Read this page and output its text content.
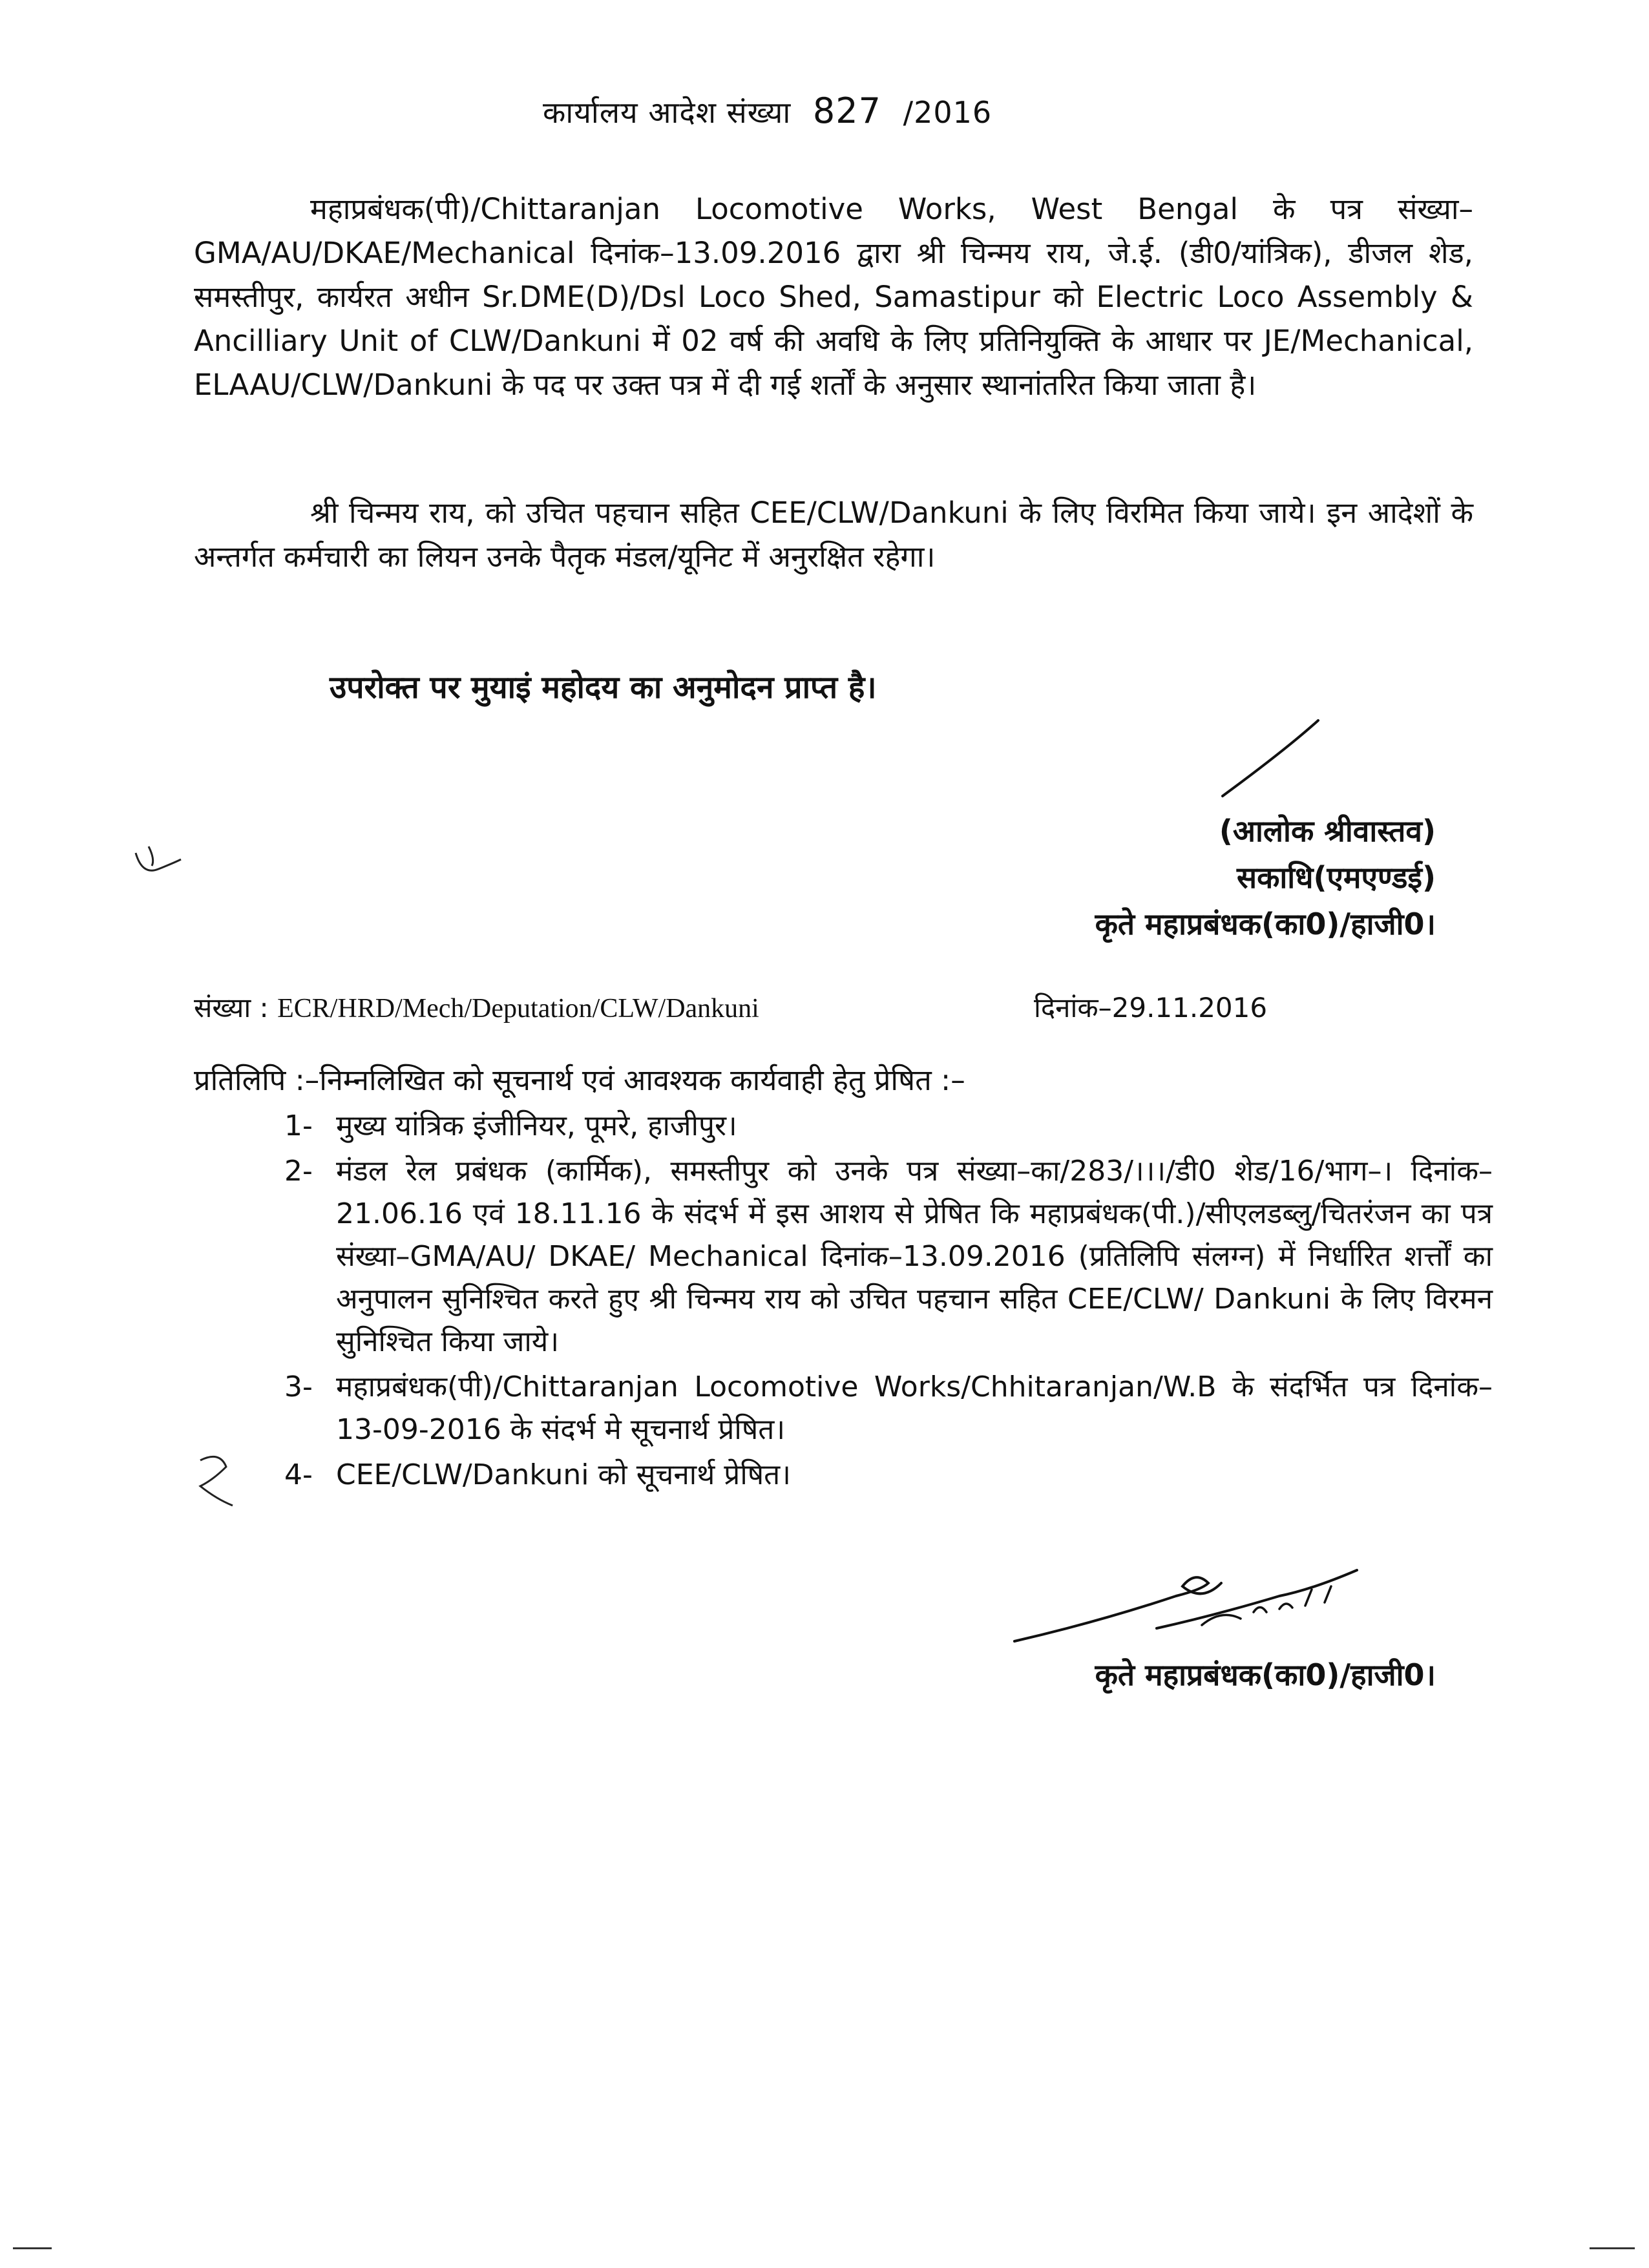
कार्यालय आदेश संख्या 827 /2016
महाप्रबंधक(पी)/Chittaranjan Locomotive Works, West Bengal के पत्र संख्या–GMA/AU/DKAE/Mechanical दिनांक–13.09.2016 द्वारा श्री चिन्मय राय, जे.ई. (डी0/यांत्रिक), डीजल शेड, समस्तीपुर, कार्यरत अधीन Sr.DME(D)/Dsl Loco Shed, Samastipur को Electric Loco Assembly & Ancilliary Unit of CLW/Dankuni में 02 वर्ष की अवधि के लिए प्रतिनियुक्ति के आधार पर JE/Mechanical, ELAAU/CLW/Dankuni के पद पर उक्त पत्र में दी गई शर्तों के अनुसार स्थानांतरित किया जाता है।
श्री चिन्मय राय, को उचित पहचान सहित CEE/CLW/Dankuni के लिए विरमित किया जाये। इन आदेशों के अन्तर्गत कर्मचारी का लियन उनके पैतृक मंडल/यूनिट में अनुरक्षित रहेगा।
उपरोक्त पर मुयाइं महोदय का अनुमोदन प्राप्त है।
(आलोक श्रीवास्तव)
सकाधि(एमएण्डई)
कृते महाप्रबंधक(का0)/हाजी0।
संख्या : ECR/HRD/Mech/Deputation/CLW/Dankuni	दिनांक–29.11.2016
प्रतिलिपि :–निम्नलिखित को सूचनार्थ एवं आवश्यक कार्यवाही हेतु प्रेषित :–
1- मुख्य यांत्रिक इंजीनियर, पूमरे, हाजीपुर।
2- मंडल रेल प्रबंधक (कार्मिक), समस्तीपुर को उनके पत्र संख्या–का/283/।।।/डी0 शेड/16/भाग–। दिनांक–21.06.16 एवं 18.11.16 के संदर्भ में इस आशय से प्रेषित कि महाप्रबंधक(पी.)/सीएलडब्लु/चितरंजन का पत्र संख्या–GMA/AU/ DKAE/ Mechanical दिनांक–13.09.2016 (प्रतिलिपि संलग्न) में निर्धारित शर्त्तों का अनुपालन सुनिश्चित करते हुए श्री चिन्मय राय को उचित पहचान सहित CEE/CLW/ Dankuni के लिए विरमन सुनिश्चित किया जाये।
3- महाप्रबंधक(पी)/Chittaranjan Locomotive Works/Chhitaranjan/W.B के संदर्भित पत्र दिनांक–13-09-2016 के संदर्भ मे सूचनार्थ प्रेषित।
4- CEE/CLW/Dankuni को सूचनार्थ प्रेषित।
कृते महाप्रबंधक(का0)/हाजी0।
